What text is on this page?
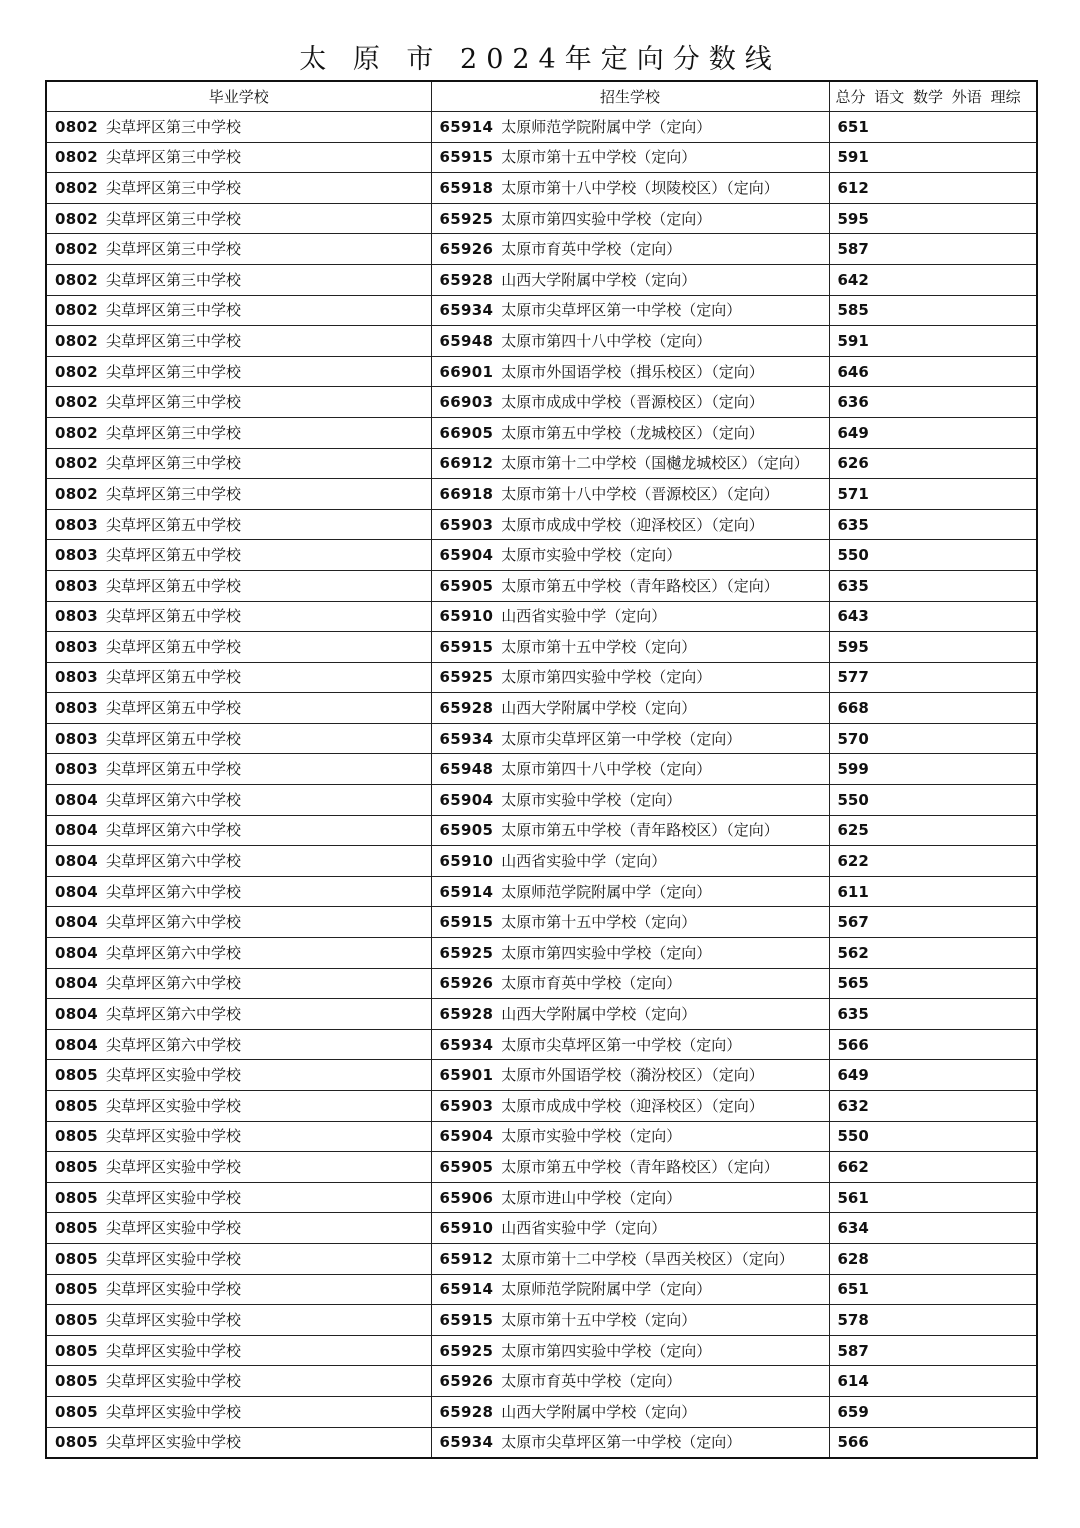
太 原 市 2024年定向分数线
毕业学校	招生学校	总分 语文 数学 外语 理综
0802 尖草坪区第三中学校	65914 太原师范学院附属中学（定向）	651
0802 尖草坪区第三中学校	65915 太原市第十五中学校（定向）	591
0802 尖草坪区第三中学校	65918 太原市第十八中学校（坝陵校区）（定向）	612
0802 尖草坪区第三中学校	65925 太原市第四实验中学校（定向）	595
0802 尖草坪区第三中学校	65926 太原市育英中学校（定向）	587
0802 尖草坪区第三中学校	65928 山西大学附属中学校（定向）	642
0802 尖草坪区第三中学校	65934 太原市尖草坪区第一中学校（定向）	585
0802 尖草坪区第三中学校	65948 太原市第四十八中学校（定向）	591
0802 尖草坪区第三中学校	66901 太原市外国语学校（揖乐校区）（定向）	646
0802 尖草坪区第三中学校	66903 太原市成成中学校（晋源校区）（定向）	636
0802 尖草坪区第三中学校	66905 太原市第五中学校（龙城校区）（定向）	649
0802 尖草坪区第三中学校	66912 太原市第十二中学校（国樾龙城校区）（定向）	626
0802 尖草坪区第三中学校	66918 太原市第十八中学校（晋源校区）（定向）	571
0803 尖草坪区第五中学校	65903 太原市成成中学校（迎泽校区）（定向）	635
0803 尖草坪区第五中学校	65904 太原市实验中学校（定向）	550
0803 尖草坪区第五中学校	65905 太原市第五中学校（青年路校区）（定向）	635
0803 尖草坪区第五中学校	65910 山西省实验中学（定向）	643
0803 尖草坪区第五中学校	65915 太原市第十五中学校（定向）	595
0803 尖草坪区第五中学校	65925 太原市第四实验中学校（定向）	577
0803 尖草坪区第五中学校	65928 山西大学附属中学校（定向）	668
0803 尖草坪区第五中学校	65934 太原市尖草坪区第一中学校（定向）	570
0803 尖草坪区第五中学校	65948 太原市第四十八中学校（定向）	599
0804 尖草坪区第六中学校	65904 太原市实验中学校（定向）	550
0804 尖草坪区第六中学校	65905 太原市第五中学校（青年路校区）（定向）	625
0804 尖草坪区第六中学校	65910 山西省实验中学（定向）	622
0804 尖草坪区第六中学校	65914 太原师范学院附属中学（定向）	611
0804 尖草坪区第六中学校	65915 太原市第十五中学校（定向）	567
0804 尖草坪区第六中学校	65925 太原市第四实验中学校（定向）	562
0804 尖草坪区第六中学校	65926 太原市育英中学校（定向）	565
0804 尖草坪区第六中学校	65928 山西大学附属中学校（定向）	635
0804 尖草坪区第六中学校	65934 太原市尖草坪区第一中学校（定向）	566
0805 尖草坪区实验中学校	65901 太原市外国语学校（漪汾校区）（定向）	649
0805 尖草坪区实验中学校	65903 太原市成成中学校（迎泽校区）（定向）	632
0805 尖草坪区实验中学校	65904 太原市实验中学校（定向）	550
0805 尖草坪区实验中学校	65905 太原市第五中学校（青年路校区）（定向）	662
0805 尖草坪区实验中学校	65906 太原市进山中学校（定向）	561
0805 尖草坪区实验中学校	65910 山西省实验中学（定向）	634
0805 尖草坪区实验中学校	65912 太原市第十二中学校（旱西关校区）（定向）	628
0805 尖草坪区实验中学校	65914 太原师范学院附属中学（定向）	651
0805 尖草坪区实验中学校	65915 太原市第十五中学校（定向）	578
0805 尖草坪区实验中学校	65925 太原市第四实验中学校（定向）	587
0805 尖草坪区实验中学校	65926 太原市育英中学校（定向）	614
0805 尖草坪区实验中学校	65928 山西大学附属中学校（定向）	659
0805 尖草坪区实验中学校	65934 太原市尖草坪区第一中学校（定向）	566
